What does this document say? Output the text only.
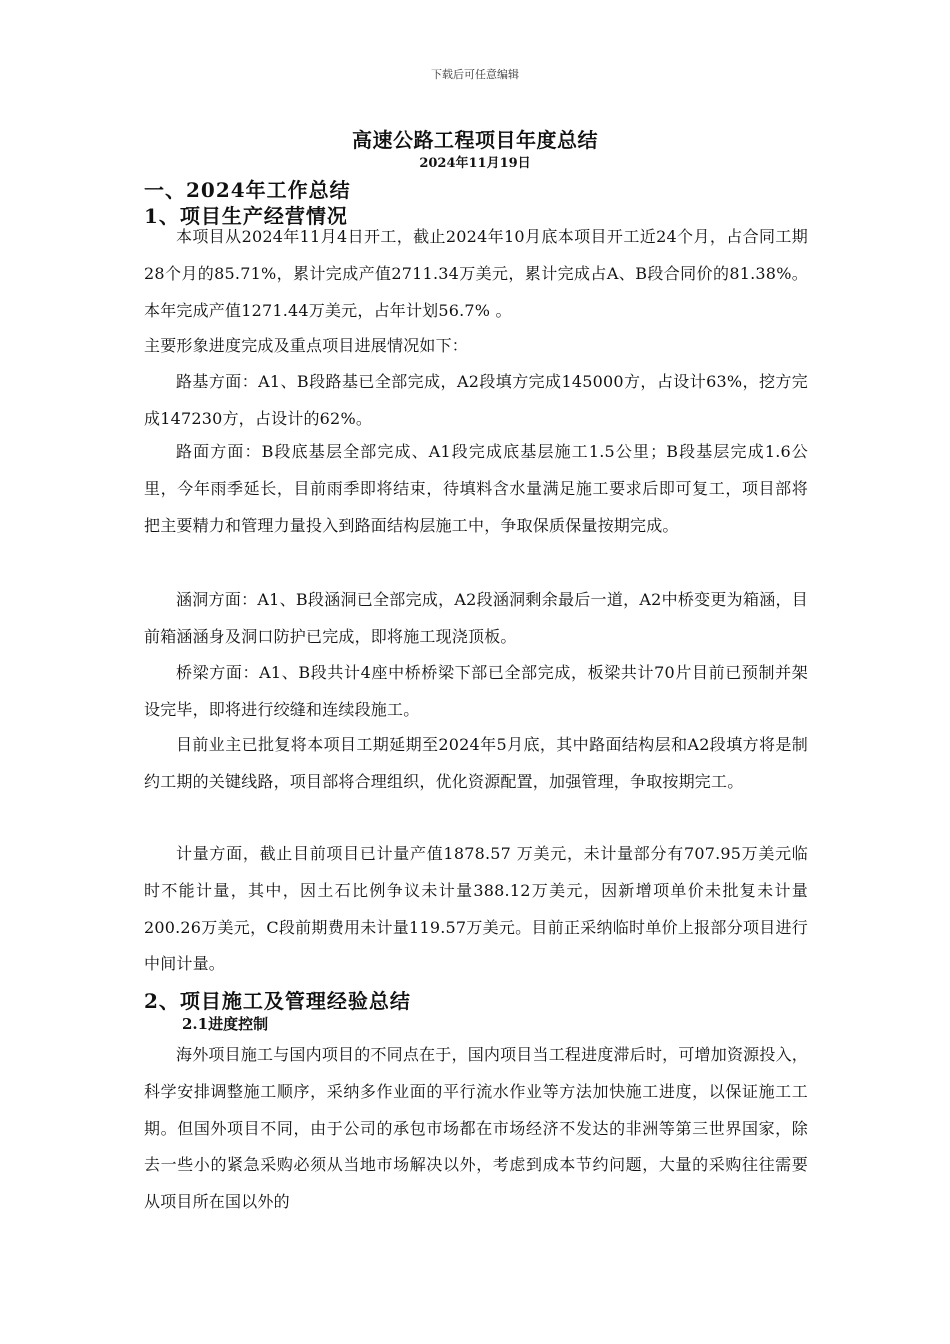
下载后可任意编辑
高速公路工程项目年度总结
2024年11月19日
一、2024年工作总结
1、项目生产经营情况
本项目从2024年11月4日开工，截止2024年10月底本项目开工近24个月，占合同工期28个月的85.71%，累计完成产值2711.34万美元，累计完成占A、B段合同价的81.38%。本年完成产值1271.44万美元，占年计划56.7% 。
主要形象进度完成及重点项目进展情况如下：
路基方面：A1、B段路基已全部完成，A2段填方完成145000方，占设计63%，挖方完成147230方，占设计的62%。
路面方面：B段底基层全部完成、A1段完成底基层施工1.5公里；B段基层完成1.6公里，今年雨季延长，目前雨季即将结束，待填料含水量满足施工要求后即可复工，项目部将把主要精力和管理力量投入到路面结构层施工中，争取保质保量按期完成。
涵洞方面：A1、B段涵洞已全部完成，A2段涵洞剩余最后一道，A2中桥变更为箱涵，目前箱涵涵身及洞口防护已完成，即将施工现浇顶板。
桥梁方面：A1、B段共计4座中桥桥梁下部已全部完成，板梁共计70片目前已预制并架设完毕，即将进行绞缝和连续段施工。
目前业主已批复将本项目工期延期至2024年5月底，其中路面结构层和A2段填方将是制约工期的关键线路，项目部将合理组织，优化资源配置，加强管理，争取按期完工。
计量方面，截止目前项目已计量产值1878.57 万美元，未计量部分有707.95万美元临时不能计量，其中，因土石比例争议未计量388.12万美元，因新增项单价未批复未计量200.26万美元，C段前期费用未计量119.57万美元。目前正采纳临时单价上报部分项目进行中间计量。
2、项目施工及管理经验总结
2.1进度控制
海外项目施工与国内项目的不同点在于，国内项目当工程进度滞后时，可增加资源投入，科学安排调整施工顺序，采纳多作业面的平行流水作业等方法加快施工进度，以保证施工工期。但国外项目不同，由于公司的承包市场都在市场经济不发达的非洲等第三世界国家，除去一些小的紧急采购必须从当地市场解决以外，考虑到成本节约问题，大量的采购往往需要从项目所在国以外的
